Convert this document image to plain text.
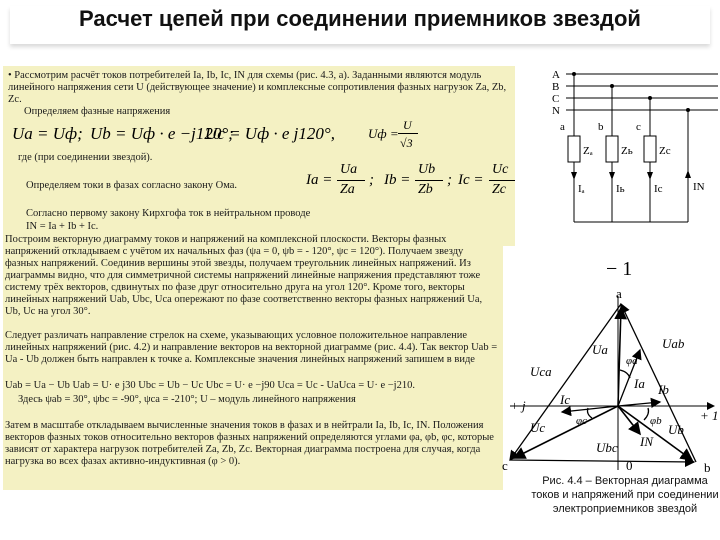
Расчет цепей при соединении приемников звездой
• Рассмотрим расчёт токов потребителей Ia, Ib, Ic, IN для схемы (рис. 4.3, а). Заданными являются модуль линейного напряжения сети U (действующее значение) и комплексные сопротивления фазных нагрузок Za, Zb, Zc.
Определяем фазные напряжения
Ua = Uф; Ub = Uф · e −j120°;
Uc = Uф · e j120°,	Uф =
U
√3
где (при соединении звездой).
Определяем токи в фазах согласно закону Ома.	Ia =
Ua
Za
; Ib =
Ub
Zb
; Ic =
Uc
Zc
Согласно первому закону Кирхгофа ток в нейтральном проводе
IN = Ia + Ib + Ic.
Построим векторную диаграмму токов и напряжений на комплексной плоскости. Векторы фазных напряжений откладываем с учётом их начальных фаз (ψa = 0, ψb = - 120°, ψc = 120°). Получаем звезду фазных напряжений. Соединив вершины этой звезды, получаем треугольник линейных напряжений. Из диаграммы видно, что для симметричной системы напряжений линейные напряжения представляют тоже систему трёх векторов, сдвинутых по фазе друг относительно друга на угол 120°. Кроме того, векторы линейных напряжений Uab, Ubc, Uca опережают по фазе соответственно векторы фазных напряжений Ua, Ub, Uc на угол 30°.
Следует различать направление стрелок на схеме, указывающих условное положительное направление линейных напряжений (рис. 4.2) и направление векторов на векторной диаграмме (рис. 4.4). Так вектор Uab = Ua - Ub должен быть направлен к точке a. Комплексные значения линейных напряжений запишем в виде
Uab = Ua − Ub Uab = U· e j30 Ubc = Ub − Uc Ubc = U· e −j90 Uca = Uc - UaUca = U· e −j210.
Здесь ψab = 30°, ψbc = -90°, ψca = -210°; U – модуль линейного напряжения
Затем в масштабе откладываем вычисленные значения токов в фазах и в нейтрали Ia, Ib, Ic, IN. Положения векторов фазных токов относительно векторов фазных напряжений определяются углами φa, φb, φc, которые зависят от характера нагрузок потребителей Za, Zb, Zc. Векторная диаграмма построена для случая, когда нагрузка во всех фазах активно-индуктивная (φ > 0).
A
B
C
N
a	b	c
Zₐ	Zь Zc
Iₐ	Iь	Ic	IN
− 1
a
b
c	0
+ j
+ 1
Uab
Uca
Ubc
Ua
Ub
Uc
Ia Ib
Ic
IN
φa
φb
φc
Рис. 4.4 – Векторная диаграмма токов и напряжений при соединении электроприемников звездой
